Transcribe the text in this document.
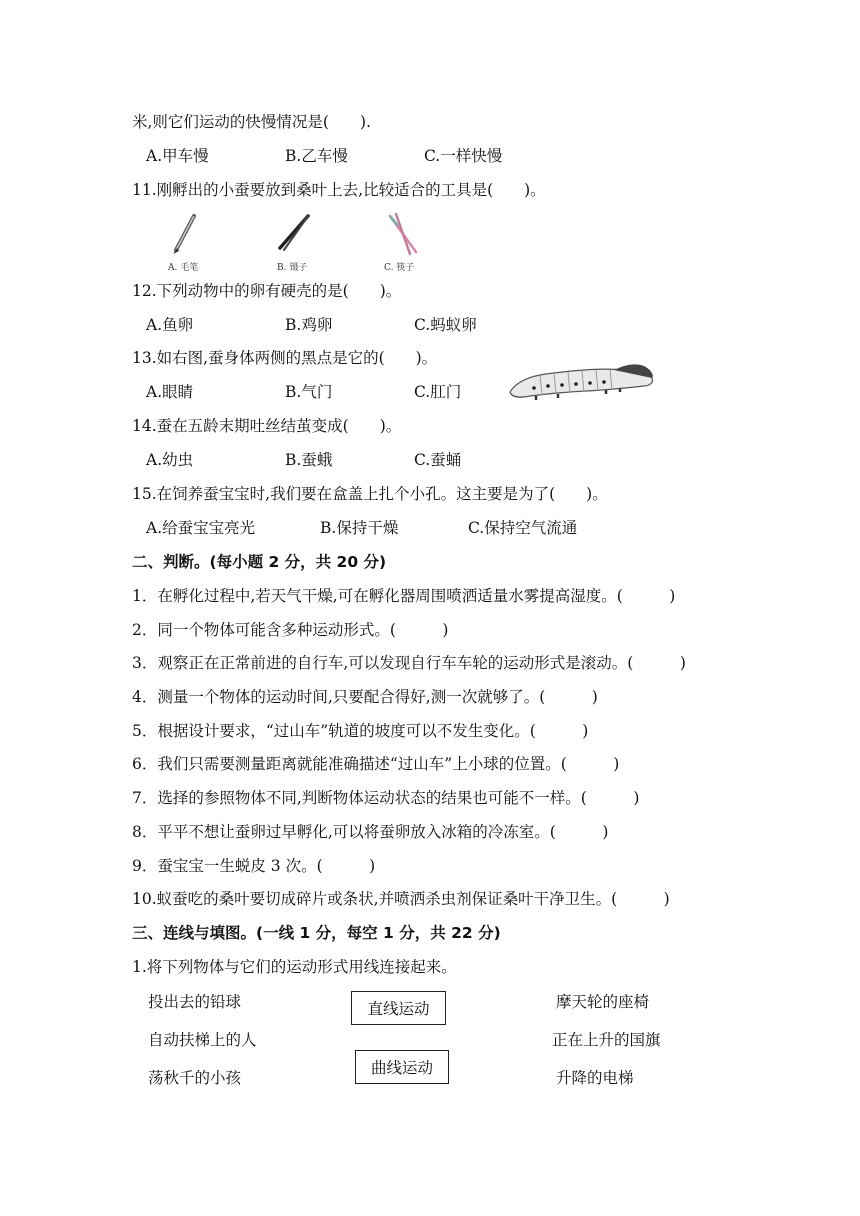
米,则它们运动的快慢情况是(　　).
A.甲车慢	B.乙车慢	C.一样快慢
11.刚孵出的小蚕要放到桑叶上去,比较适合的工具是(　　)。
A. 毛笔	B. 镊子	C. 筷子
12.下列动物中的卵有硬壳的是(　　)。
A.鱼卵	B.鸡卵	C.蚂蚁卵
13.如右图,蚕身体两侧的黑点是它的(　　)。
A.眼睛	B.气门	C.肛门
14.蚕在五龄末期吐丝结茧变成(　　)。
A.幼虫	B.蚕蛾	C.蚕蛹
15.在饲养蚕宝宝时,我们要在盒盖上扎个小孔。这主要是为了(　　)。
A.给蚕宝宝亮光	B.保持干燥	C.保持空气流通
二、判断。(每小题 2 分，共 20 分)
1．在孵化过程中,若天气干燥,可在孵化器周围喷洒适量水雾提高湿度。(　　　)
2．同一个物体可能含多种运动形式。(　　　)
3．观察正在正常前进的自行车,可以发现自行车车轮的运动形式是滚动。(　　　)
4．测量一个物体的运动时间,只要配合得好,测一次就够了。(　　　)
5．根据设计要求，“过山车”轨道的坡度可以不发生变化。(　　　)
6．我们只需要测量距离就能准确描述“过山车”上小球的位置。(　　　)
7．选择的参照物体不同,判断物体运动状态的结果也可能不一样。(　　　)
8．平平不想让蚕卵过早孵化,可以将蚕卵放入冰箱的冷冻室。(　　　)
9．蚕宝宝一生蜕皮 3 次。(　　　)
10.蚁蚕吃的桑叶要切成碎片或条状,并喷洒杀虫剂保证桑叶干净卫生。(　　　)
三、连线与填图。(一线 1 分，每空 1 分，共 22 分)
1.将下列物体与它们的运动形式用线连接起来。
投出去的铅球
自动扶梯上的人
荡秋千的小孩
直线运动
曲线运动
摩天轮的座椅
正在上升的国旗
升降的电梯
